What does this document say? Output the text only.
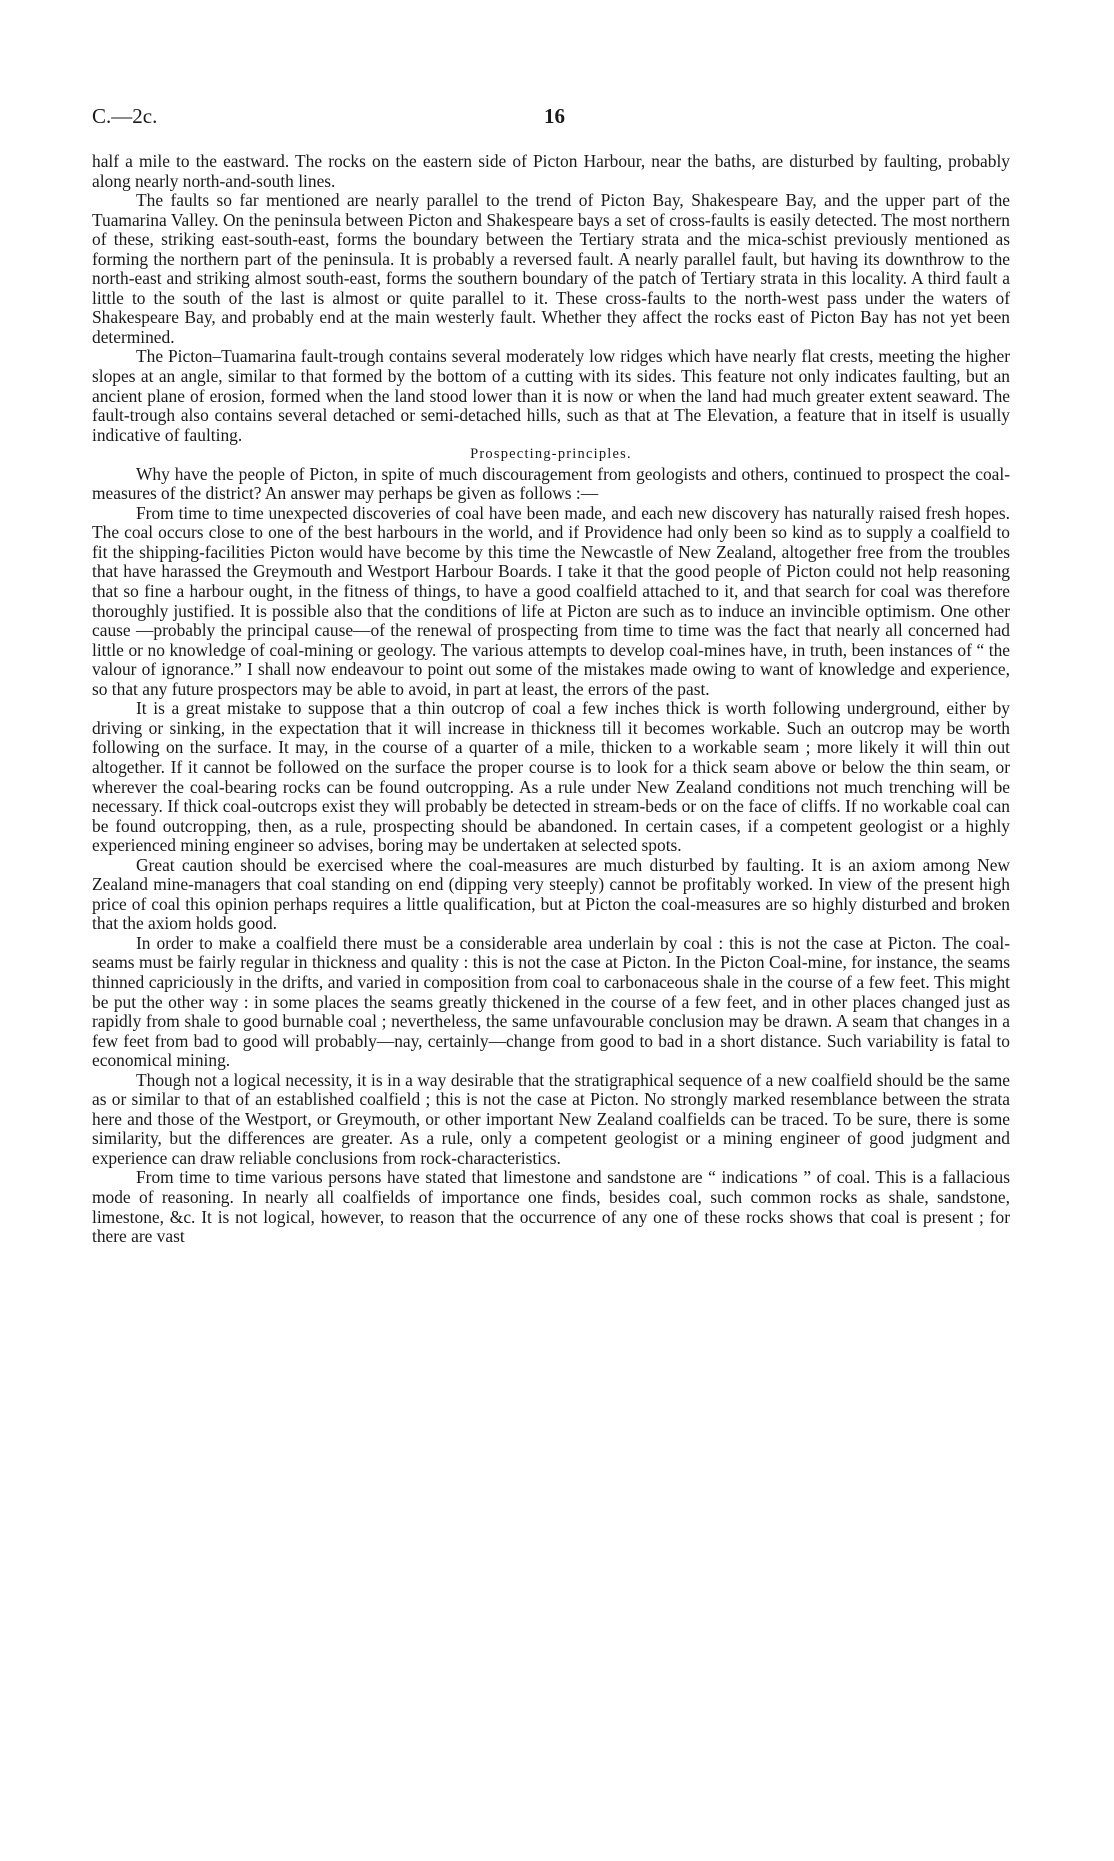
C.—2c.	16

half a mile to the eastward. The rocks on the eastern side of Picton Harbour, near the baths, are disturbed by faulting, probably along nearly north-and-south lines.

The faults so far mentioned are nearly parallel to the trend of Picton Bay, Shakespeare Bay, and the upper part of the Tuamarina Valley. On the peninsula between Picton and Shakespeare bays a set of cross-faults is easily detected. The most northern of these, striking east-south-east, forms the boundary between the Tertiary strata and the mica-schist previously mentioned as forming the northern part of the peninsula. It is probably a reversed fault. A nearly parallel fault, but having its downthrow to the north-east and striking almost south-east, forms the southern boundary of the patch of Tertiary strata in this locality. A third fault a little to the south of the last is almost or quite parallel to it. These cross-faults to the north-west pass under the waters of Shakespeare Bay, and probably end at the main westerly fault. Whether they affect the rocks east of Picton Bay has not yet been determined.

The Picton–Tuamarina fault-trough contains several moderately low ridges which have nearly flat crests, meeting the higher slopes at an angle, similar to that formed by the bottom of a cutting with its sides. This feature not only indicates faulting, but an ancient plane of erosion, formed when the land stood lower than it is now or when the land had much greater extent seaward. The fault-trough also contains several detached or semi-detached hills, such as that at The Elevation, a feature that in itself is usually indicative of faulting.

Prospecting-principles.

Why have the people of Picton, in spite of much discouragement from geologists and others, continued to prospect the coal-measures of the district? An answer may perhaps be given as follows :—

From time to time unexpected discoveries of coal have been made, and each new discovery has naturally raised fresh hopes. The coal occurs close to one of the best harbours in the world, and if Providence had only been so kind as to supply a coalfield to fit the shipping-facilities Picton would have become by this time the Newcastle of New Zealand, altogether free from the troubles that have harassed the Greymouth and Westport Harbour Boards. I take it that the good people of Picton could not help reasoning that so fine a harbour ought, in the fitness of things, to have a good coalfield attached to it, and that search for coal was therefore thoroughly justified. It is possible also that the conditions of life at Picton are such as to induce an invincible optimism. One other cause —probably the principal cause—of the renewal of prospecting from time to time was the fact that nearly all concerned had little or no knowledge of coal-mining or geology. The various attempts to develop coal-mines have, in truth, been instances of “ the valour of ignorance.” I shall now endeavour to point out some of the mistakes made owing to want of knowledge and experience, so that any future prospectors may be able to avoid, in part at least, the errors of the past.

It is a great mistake to suppose that a thin outcrop of coal a few inches thick is worth following underground, either by driving or sinking, in the expectation that it will increase in thickness till it becomes workable. Such an outcrop may be worth following on the surface. It may, in the course of a quarter of a mile, thicken to a workable seam ; more likely it will thin out altogether. If it cannot be followed on the surface the proper course is to look for a thick seam above or below the thin seam, or wherever the coal-bearing rocks can be found outcropping. As a rule under New Zealand conditions not much trenching will be necessary. If thick coal-outcrops exist they will probably be detected in stream-beds or on the face of cliffs. If no workable coal can be found outcropping, then, as a rule, prospecting should be abandoned. In certain cases, if a competent geologist or a highly experienced mining engineer so advises, boring may be undertaken at selected spots.

Great caution should be exercised where the coal-measures are much disturbed by faulting. It is an axiom among New Zealand mine-managers that coal standing on end (dipping very steeply) cannot be profitably worked. In view of the present high price of coal this opinion perhaps requires a little qualification, but at Picton the coal-measures are so highly disturbed and broken that the axiom holds good.

In order to make a coalfield there must be a considerable area underlain by coal : this is not the case at Picton. The coal-seams must be fairly regular in thickness and quality : this is not the case at Picton. In the Picton Coal-mine, for instance, the seams thinned capriciously in the drifts, and varied in composition from coal to carbonaceous shale in the course of a few feet. This might be put the other way : in some places the seams greatly thickened in the course of a few feet, and in other places changed just as rapidly from shale to good burnable coal ; nevertheless, the same unfavourable conclusion may be drawn. A seam that changes in a few feet from bad to good will probably—nay, certainly—change from good to bad in a short distance. Such variability is fatal to economical mining.

Though not a logical necessity, it is in a way desirable that the stratigraphical sequence of a new coalfield should be the same as or similar to that of an established coalfield ; this is not the case at Picton. No strongly marked resemblance between the strata here and those of the Westport, or Greymouth, or other important New Zealand coalfields can be traced. To be sure, there is some similarity, but the differences are greater. As a rule, only a competent geologist or a mining engineer of good judgment and experience can draw reliable conclusions from rock-characteristics.

From time to time various persons have stated that limestone and sandstone are “ indications ” of coal. This is a fallacious mode of reasoning. In nearly all coalfields of importance one finds, besides coal, such common rocks as shale, sandstone, limestone, &c. It is not logical, however, to reason that the occurrence of any one of these rocks shows that coal is present ; for there are vast
